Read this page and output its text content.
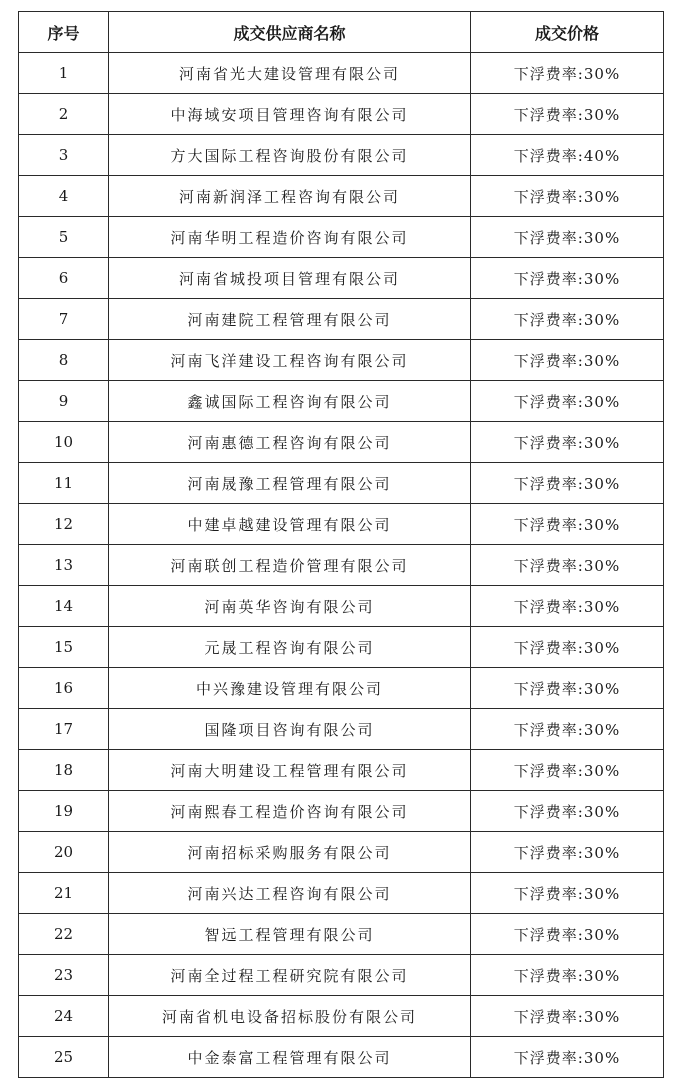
序号	成交供应商名称	成交价格
1	河南省光大建设管理有限公司	下浮费率:30%
2	中海域安项目管理咨询有限公司	下浮费率:30%
3	方大国际工程咨询股份有限公司	下浮费率:40%
4	河南新润泽工程咨询有限公司	下浮费率:30%
5	河南华明工程造价咨询有限公司	下浮费率:30%
6	河南省城投项目管理有限公司	下浮费率:30%
7	河南建院工程管理有限公司	下浮费率:30%
8	河南飞洋建设工程咨询有限公司	下浮费率:30%
9	鑫诚国际工程咨询有限公司	下浮费率:30%
10	河南惠德工程咨询有限公司	下浮费率:30%
11	河南晟豫工程管理有限公司	下浮费率:30%
12	中建卓越建设管理有限公司	下浮费率:30%
13	河南联创工程造价管理有限公司	下浮费率:30%
14	河南英华咨询有限公司	下浮费率:30%
15	元晟工程咨询有限公司	下浮费率:30%
16	中兴豫建设管理有限公司	下浮费率:30%
17	国隆项目咨询有限公司	下浮费率:30%
18	河南大明建设工程管理有限公司	下浮费率:30%
19	河南熙春工程造价咨询有限公司	下浮费率:30%
20	河南招标采购服务有限公司	下浮费率:30%
21	河南兴达工程咨询有限公司	下浮费率:30%
22	智远工程管理有限公司	下浮费率:30%
23	河南全过程工程研究院有限公司	下浮费率:30%
24	河南省机电设备招标股份有限公司	下浮费率:30%
25	中金泰富工程管理有限公司	下浮费率:30%
